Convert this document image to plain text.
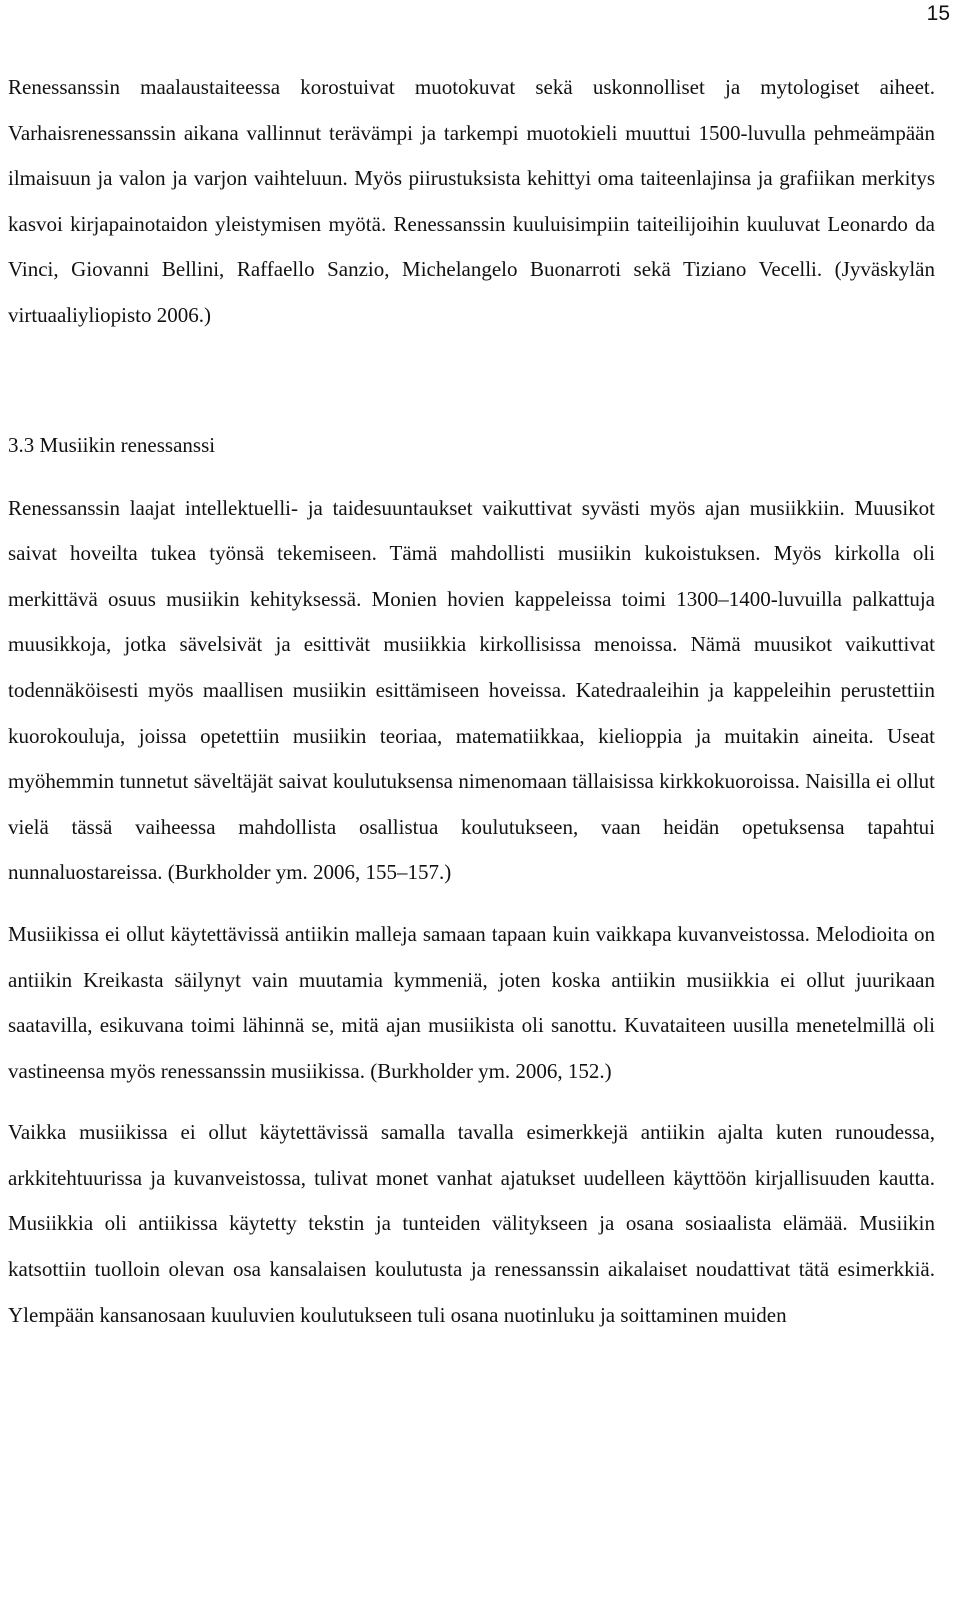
15

Renessanssin maalaustaiteessa korostuivat muotokuvat sekä uskonnolliset ja mytologiset aiheet. Varhaisrenessanssin aikana vallinnut terävämpi ja tarkempi muotokieli muuttui 1500-luvulla pehmeämpään ilmaisuun ja valon ja varjon vaihteluun. Myös piirustuksista kehittyi oma taiteenlajinsa ja grafiikan merkitys kasvoi kirjapainotaidon yleistymisen myötä. Renessanssin kuuluisimpiin taiteilijoihin kuuluvat Leonardo da Vinci, Giovanni Bellini, Raffaello Sanzio, Michelangelo Buonarroti sekä Tiziano Vecelli. (Jyväskylän virtuaaliyliopisto 2006.)

3.3 Musiikin renessanssi

Renessanssin laajat intellektuelli- ja taidesuuntaukset vaikuttivat syvästi myös ajan musiikkiin. Muusikot saivat hoveilta tukea työnsä tekemiseen. Tämä mahdollisti musiikin kukoistuksen. Myös kirkolla oli merkittävä osuus musiikin kehityksessä. Monien hovien kappeleissa toimi 1300–1400-luvuilla palkattuja muusikkoja, jotka sävelsivät ja esittivät musiikkia kirkollisissa menoissa. Nämä muusikot vaikuttivat todennäköisesti myös maallisen musiikin esittämiseen hoveissa. Katedraaleihin ja kappeleihin perustettiin kuorokouluja, joissa opetettiin musiikin teoriaa, matematiikkaa, kielioppia ja muitakin aineita. Useat myöhemmin tunnetut säveltäjät saivat koulutuksensa nimenomaan tällaisissa kirkkokuoroissa. Naisilla ei ollut vielä tässä vaiheessa mahdollista osallistua koulutukseen, vaan heidän opetuksensa tapahtui nunnaluostareissa. (Burkholder ym. 2006, 155–157.)

Musiikissa ei ollut käytettävissä antiikin malleja samaan tapaan kuin vaikkapa kuvanveistossa. Melodioita on antiikin Kreikasta säilynyt vain muutamia kymmeniä, joten koska antiikin musiikkia ei ollut juurikaan saatavilla, esikuvana toimi lähinnä se, mitä ajan musiikista oli sanottu. Kuvataiteen uusilla menetelmillä oli vastineensa myös renessanssin musiikissa. (Burkholder ym. 2006, 152.)

Vaikka musiikissa ei ollut käytettävissä samalla tavalla esimerkkejä antiikin ajalta kuten runoudessa, arkkitehtuurissa ja kuvanveistossa, tulivat monet vanhat ajatukset uudelleen käyttöön kirjallisuuden kautta. Musiikkia oli antiikissa käytetty tekstin ja tunteiden välitykseen ja osana sosiaalista elämää. Musiikin katsottiin tuolloin olevan osa kansalaisen koulutusta ja renessanssin aikalaiset noudattivat tätä esimerkkiä. Ylempään kansanosaan kuuluvien koulutukseen tuli osana nuotinluku ja soittaminen muiden
